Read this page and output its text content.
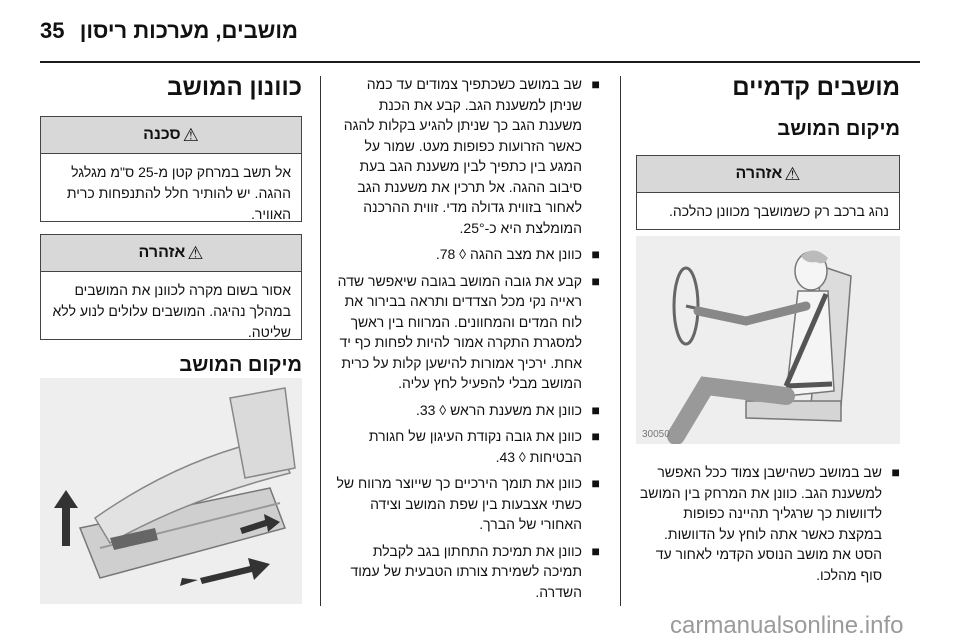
35 מושבים, מערכות ריסון
מושבים קדמיים
מיקום המושב
⚠
אזהרה
נהג ברכב רק כשמושבך מכוונן כהלכה.
30050
■
שב במושב כשהישבן צמוד ככל האפשר למשענת הגב. כוונן את המרחק בין המושב לדוושות כך שרגליך תהיינה כפופות במקצת כאשר אתה לוחץ על הדוושות. הסט את מושב הנוסע הקדמי לאחור עד סוף מהלכו.
■
שב במושב כשכתפיך צמודים עד כמה שניתן למשענת הגב. קבע את הכנת משענת הגב כך שניתן להגיע בקלות להגה כאשר הזרועות כפופות מעט. שמור על המגע בין כתפיך לבין משענת הגב בעת סיבוב ההגה. אל תרכין את משענת הגב לאחור בזווית גדולה מדי. זווית ההרכנה המומלצת היא כ-25°.
■
כוונן את מצב ההגה ◊ 78.
■
קבע את גובה המושב בגובה שיאפשר שדה ראייה נקי מכל הצדדים ותראה בבירור את לוח המדים והמחוונים. המרווח בין ראשך למסגרת התקרה אמור להיות לפחות כף יד אחת. ירכיך אמורות להישען קלות על כרית המושב מבלי להפעיל לחץ עליה.
■
כוונן את משענת הראש ◊ 33.
■
כוונן את גובה נקודת העיגון של חגורת הבטיחות ◊ 43.
■
כוונן את תומך הירכיים כך שייוצר מרווח של כשתי אצבעות בין שפת המושב וצידה האחורי של הברך.
■
כוונן את תמיכת התחתון בגב לקבלת תמיכה לשמירת צורתו הטבעית של עמוד השדרה.
כוונון המושב
⚠
סכנה
אל תשב במרחק קטן מ-25 ס"מ מגלגל ההגה. יש להותיר חלל להתנפחות כרית האוויר.
⚠
אזהרה
אסור בשום מקרה לכוונן את המושבים במהלך נהיגה. המושבים עלולים לנוע ללא שליטה.
מיקום המושב
carmanualsonline.info
